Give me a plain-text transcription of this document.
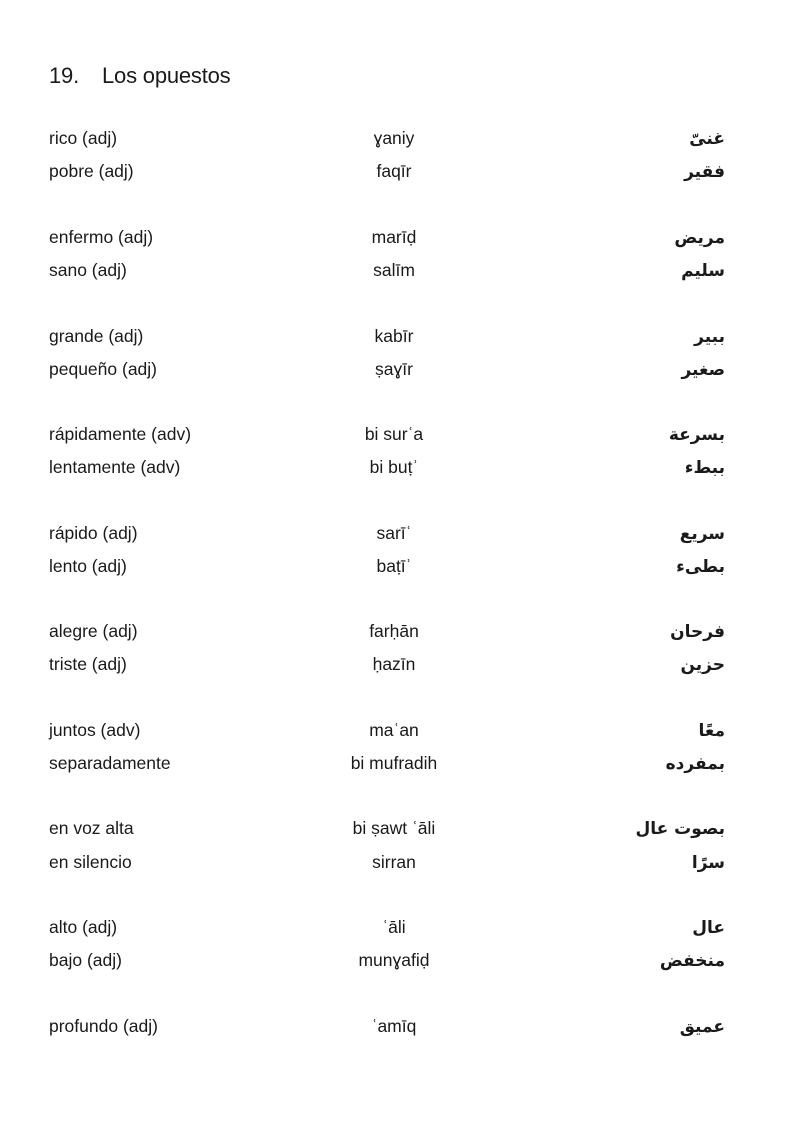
19. Los opuestos
rico (adj)	ɣaniy	غنىّ
pobre (adj)	faqīr	فقير
enfermo (adj)	marīḍ	مريض
sano (adj)	salīm	سليم
grande (adj)	kabīr	ببير
pequeño (adj)	ṣaɣīr	صغير
rápidamente (adv)	bi surʿa	بسرعة
lentamente (adv)	bi buṭʾ	ببطء
rápido (adj)	sarīʿ	سريع
lento (adj)	baṭīʾ	بطىء
alegre (adj)	farḥān	فرحان
triste (adj)	ḥazīn	حزين
juntos (adv)	maʿan	معًا
separadamente	bi mufradih	بمفرده
en voz alta	bi ṣawt ʿāli	بصوت عال
en silencio	sirran	سرًا
alto (adj)	ʿāli	عال
bajo (adj)	munɣafiḍ	منخفض
profundo (adj)	ʿamīq	عميق
